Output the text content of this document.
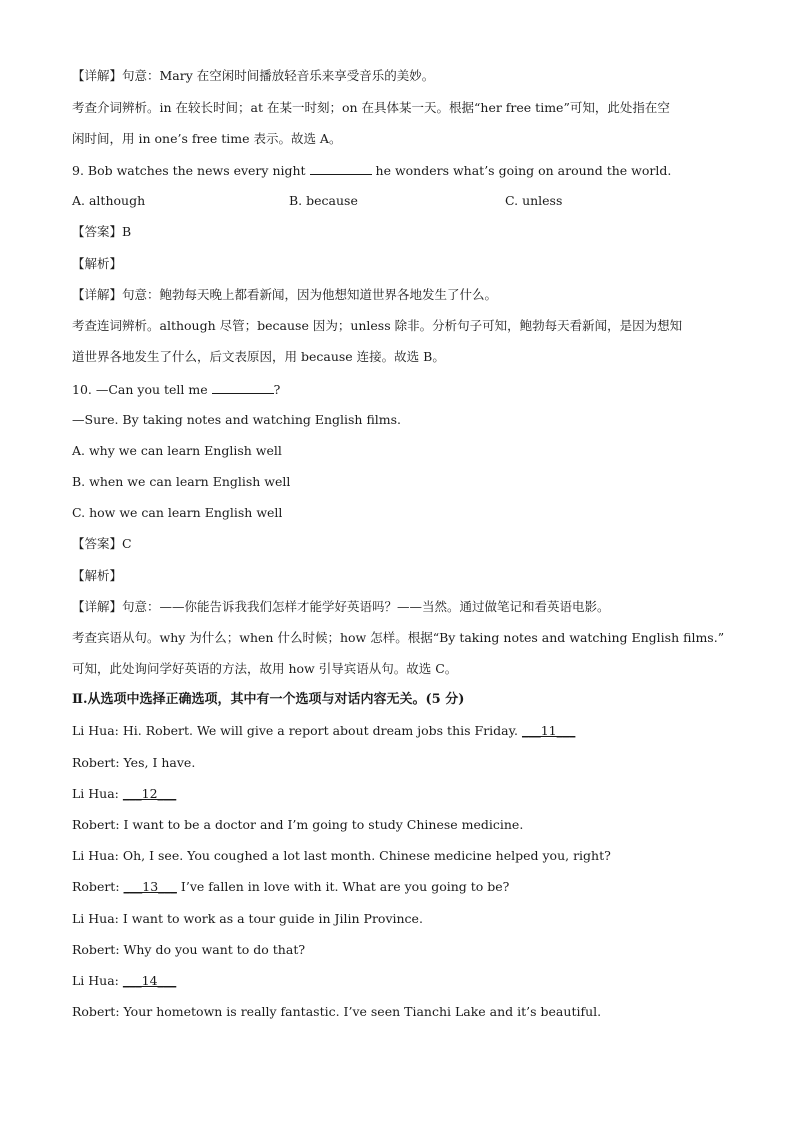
【详解】句意：Mary 在空闲时间播放轻音乐来享受音乐的美妙。
考查介词辨析。in 在较长时间；at 在某一时刻；on 在具体某一天。根据“her free time”可知，此处指在空
闲时间，用 in one’s free time 表示。故选 A。
9. Bob watches the news every night	he wonders what’s going on around the world.
A. although	B. because	C. unless
【答案】B
【解析】
【详解】句意：鲍勃每天晚上都看新闻，因为他想知道世界各地发生了什么。
考查连词辨析。although 尽管；because 因为；unless 除非。分析句子可知，鲍勃每天看新闻，是因为想知
道世界各地发生了什么，后文表原因，用 because 连接。故选 B。
10. —Can you tell me	?
—Sure. By taking notes and watching English films.
A. why we can learn English well
B. when we can learn English well
C. how we can learn English well
【答案】C
【解析】
【详解】句意：——你能告诉我我们怎样才能学好英语吗？——当然。通过做笔记和看英语电影。
考查宾语从句。why 为什么；when 什么时候；how 怎样。根据“By taking notes and watching English films.”
可知，此处询问学好英语的方法，故用 how 引导宾语从句。故选 C。
Ⅱ.从选项中选择正确选项，其中有一个选项与对话内容无关。(5 分)
Li Hua: Hi. Robert. We will give a report about dream jobs this Friday. ___11___
Robert: Yes, I have.
Li Hua: ___12___
Robert: I want to be a doctor and I’m going to study Chinese medicine.
Li Hua: Oh, I see. You coughed a lot last month. Chinese medicine helped you, right?
Robert: ___13___ I’ve fallen in love with it. What are you going to be?
Li Hua: I want to work as a tour guide in Jilin Province.
Robert: Why do you want to do that?
Li Hua: ___14___
Robert: Your hometown is really fantastic. I’ve seen Tianchi Lake and it’s beautiful.
